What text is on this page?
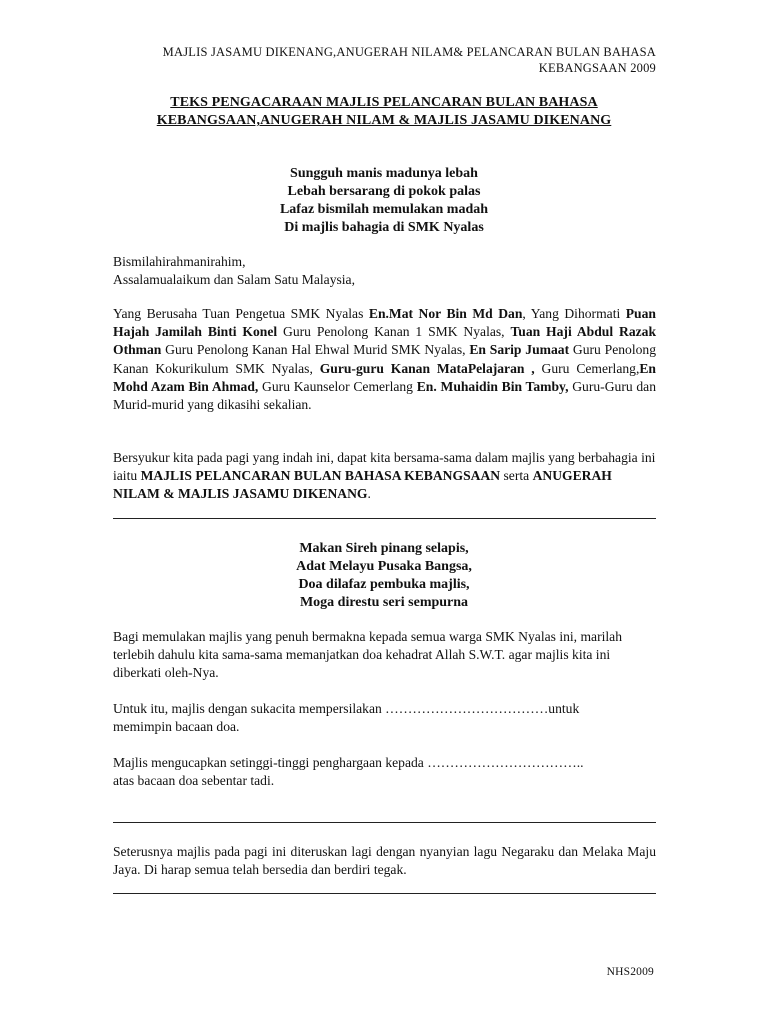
MAJLIS JASAMU DIKENANG,ANUGERAH NILAM& PELANCARAN BULAN BAHASA
KEBANGSAAN 2009
TEKS PENGACARAAN MAJLIS PELANCARAN BULAN BAHASA
KEBANGSAAN,ANUGERAH NILAM & MAJLIS JASAMU DIKENANG
Sungguh manis madunya lebah
Lebah bersarang di pokok palas
Lafaz bismilah memulakan madah
Di majlis bahagia di SMK Nyalas
Bismilahirahmanirahim,
Assalamualaikum dan Salam Satu Malaysia,
Yang Berusaha Tuan Pengetua SMK Nyalas En.Mat Nor Bin Md Dan, Yang Dihormati Puan Hajah Jamilah Binti Konel Guru Penolong Kanan 1 SMK Nyalas, Tuan Haji Abdul Razak Othman Guru Penolong Kanan Hal Ehwal Murid SMK Nyalas, En Sarip Jumaat Guru Penolong Kanan Kokurikulum SMK Nyalas, Guru-guru Kanan MataPelajaran , Guru Cemerlang,En Mohd Azam Bin Ahmad, Guru Kaunselor Cemerlang En. Muhaidin Bin Tamby, Guru-Guru dan Murid-murid yang dikasihi sekalian.
Bersyukur kita pada pagi yang indah ini, dapat kita bersama-sama dalam majlis yang berbahagia ini iaitu MAJLIS PELANCARAN BULAN BAHASA KEBANGSAAN serta ANUGERAH NILAM & MAJLIS JASAMU DIKENANG.
Makan Sireh pinang selapis,
Adat Melayu Pusaka Bangsa,
Doa dilafaz pembuka majlis,
Moga direstu seri sempurna
Bagi memulakan majlis yang penuh bermakna kepada semua warga SMK Nyalas ini, marilah terlebih dahulu kita sama-sama memanjatkan doa kehadrat Allah S.W.T. agar majlis kita ini diberkati oleh-Nya.
Untuk itu, majlis dengan sukacita mempersilakan ………………………………untuk
memimpin bacaan doa.
Majlis mengucapkan setinggi-tinggi penghargaan kepada ……………………………..
atas bacaan doa sebentar tadi.
Seterusnya majlis pada pagi ini diteruskan lagi dengan nyanyian lagu Negaraku dan Melaka Maju Jaya. Di harap semua telah bersedia dan berdiri tegak.
NHS2009
